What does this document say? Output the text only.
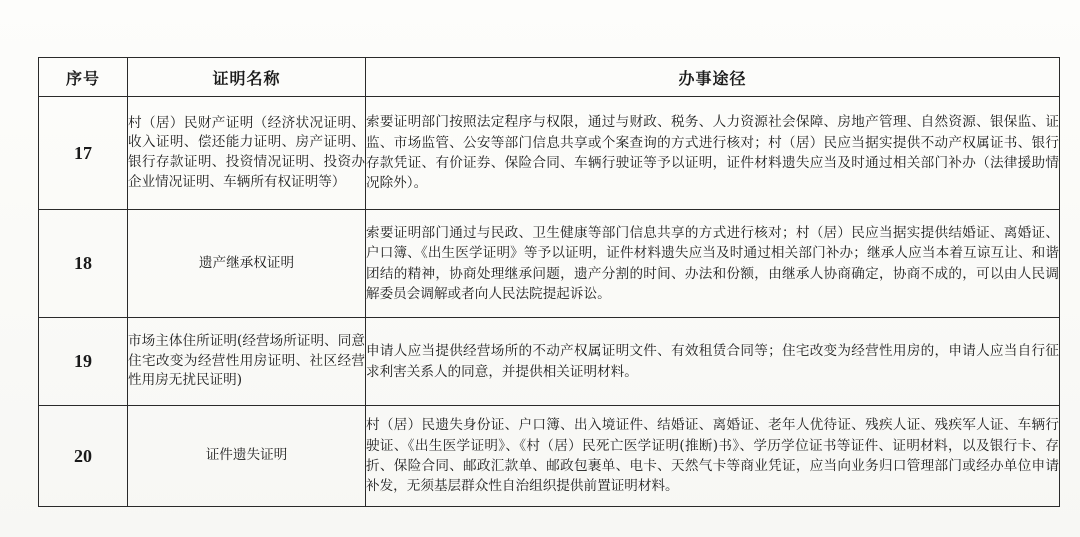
序号	证明名称	办事途径
17	村（居）民财产证明（经济状况证明、收入证明、偿还能力证明、房产证明、银行存款证明、投资情况证明、投资办企业情况证明、车辆所有权证明等）	索要证明部门按照法定程序与权限，通过与财政、税务、人力资源社会保障、房地产管理、自然资源、银保监、证监、市场监管、公安等部门信息共享或个案查询的方式进行核对；村（居）民应当据实提供不动产权属证书、银行存款凭证、有价证券、保险合同、车辆行驶证等予以证明，证件材料遗失应当及时通过相关部门补办（法律援助情况除外）。
18	遗产继承权证明	索要证明部门通过与民政、卫生健康等部门信息共享的方式进行核对；村（居）民应当据实提供结婚证、离婚证、户口簿、《出生医学证明》等予以证明，证件材料遗失应当及时通过相关部门补办；继承人应当本着互谅互让、和谐团结的精神，协商处理继承问题，遗产分割的时间、办法和份额，由继承人协商确定，协商不成的，可以由人民调解委员会调解或者向人民法院提起诉讼。
19	市场主体住所证明(经营场所证明、同意住宅改变为经营性用房证明、社区经营性用房无扰民证明)	申请人应当提供经营场所的不动产权属证明文件、有效租赁合同等；住宅改变为经营性用房的，申请人应当自行征求利害关系人的同意，并提供相关证明材料。
20	证件遗失证明	村（居）民遗失身份证、户口簿、出入境证件、结婚证、离婚证、老年人优待证、残疾人证、残疾军人证、车辆行驶证、《出生医学证明》、《村（居）民死亡医学证明(推断)书》、学历学位证书等证件、证明材料，以及银行卡、存折、保险合同、邮政汇款单、邮政包裹单、电卡、天然气卡等商业凭证，应当向业务归口管理部门或经办单位申请补发，无须基层群众性自治组织提供前置证明材料。
